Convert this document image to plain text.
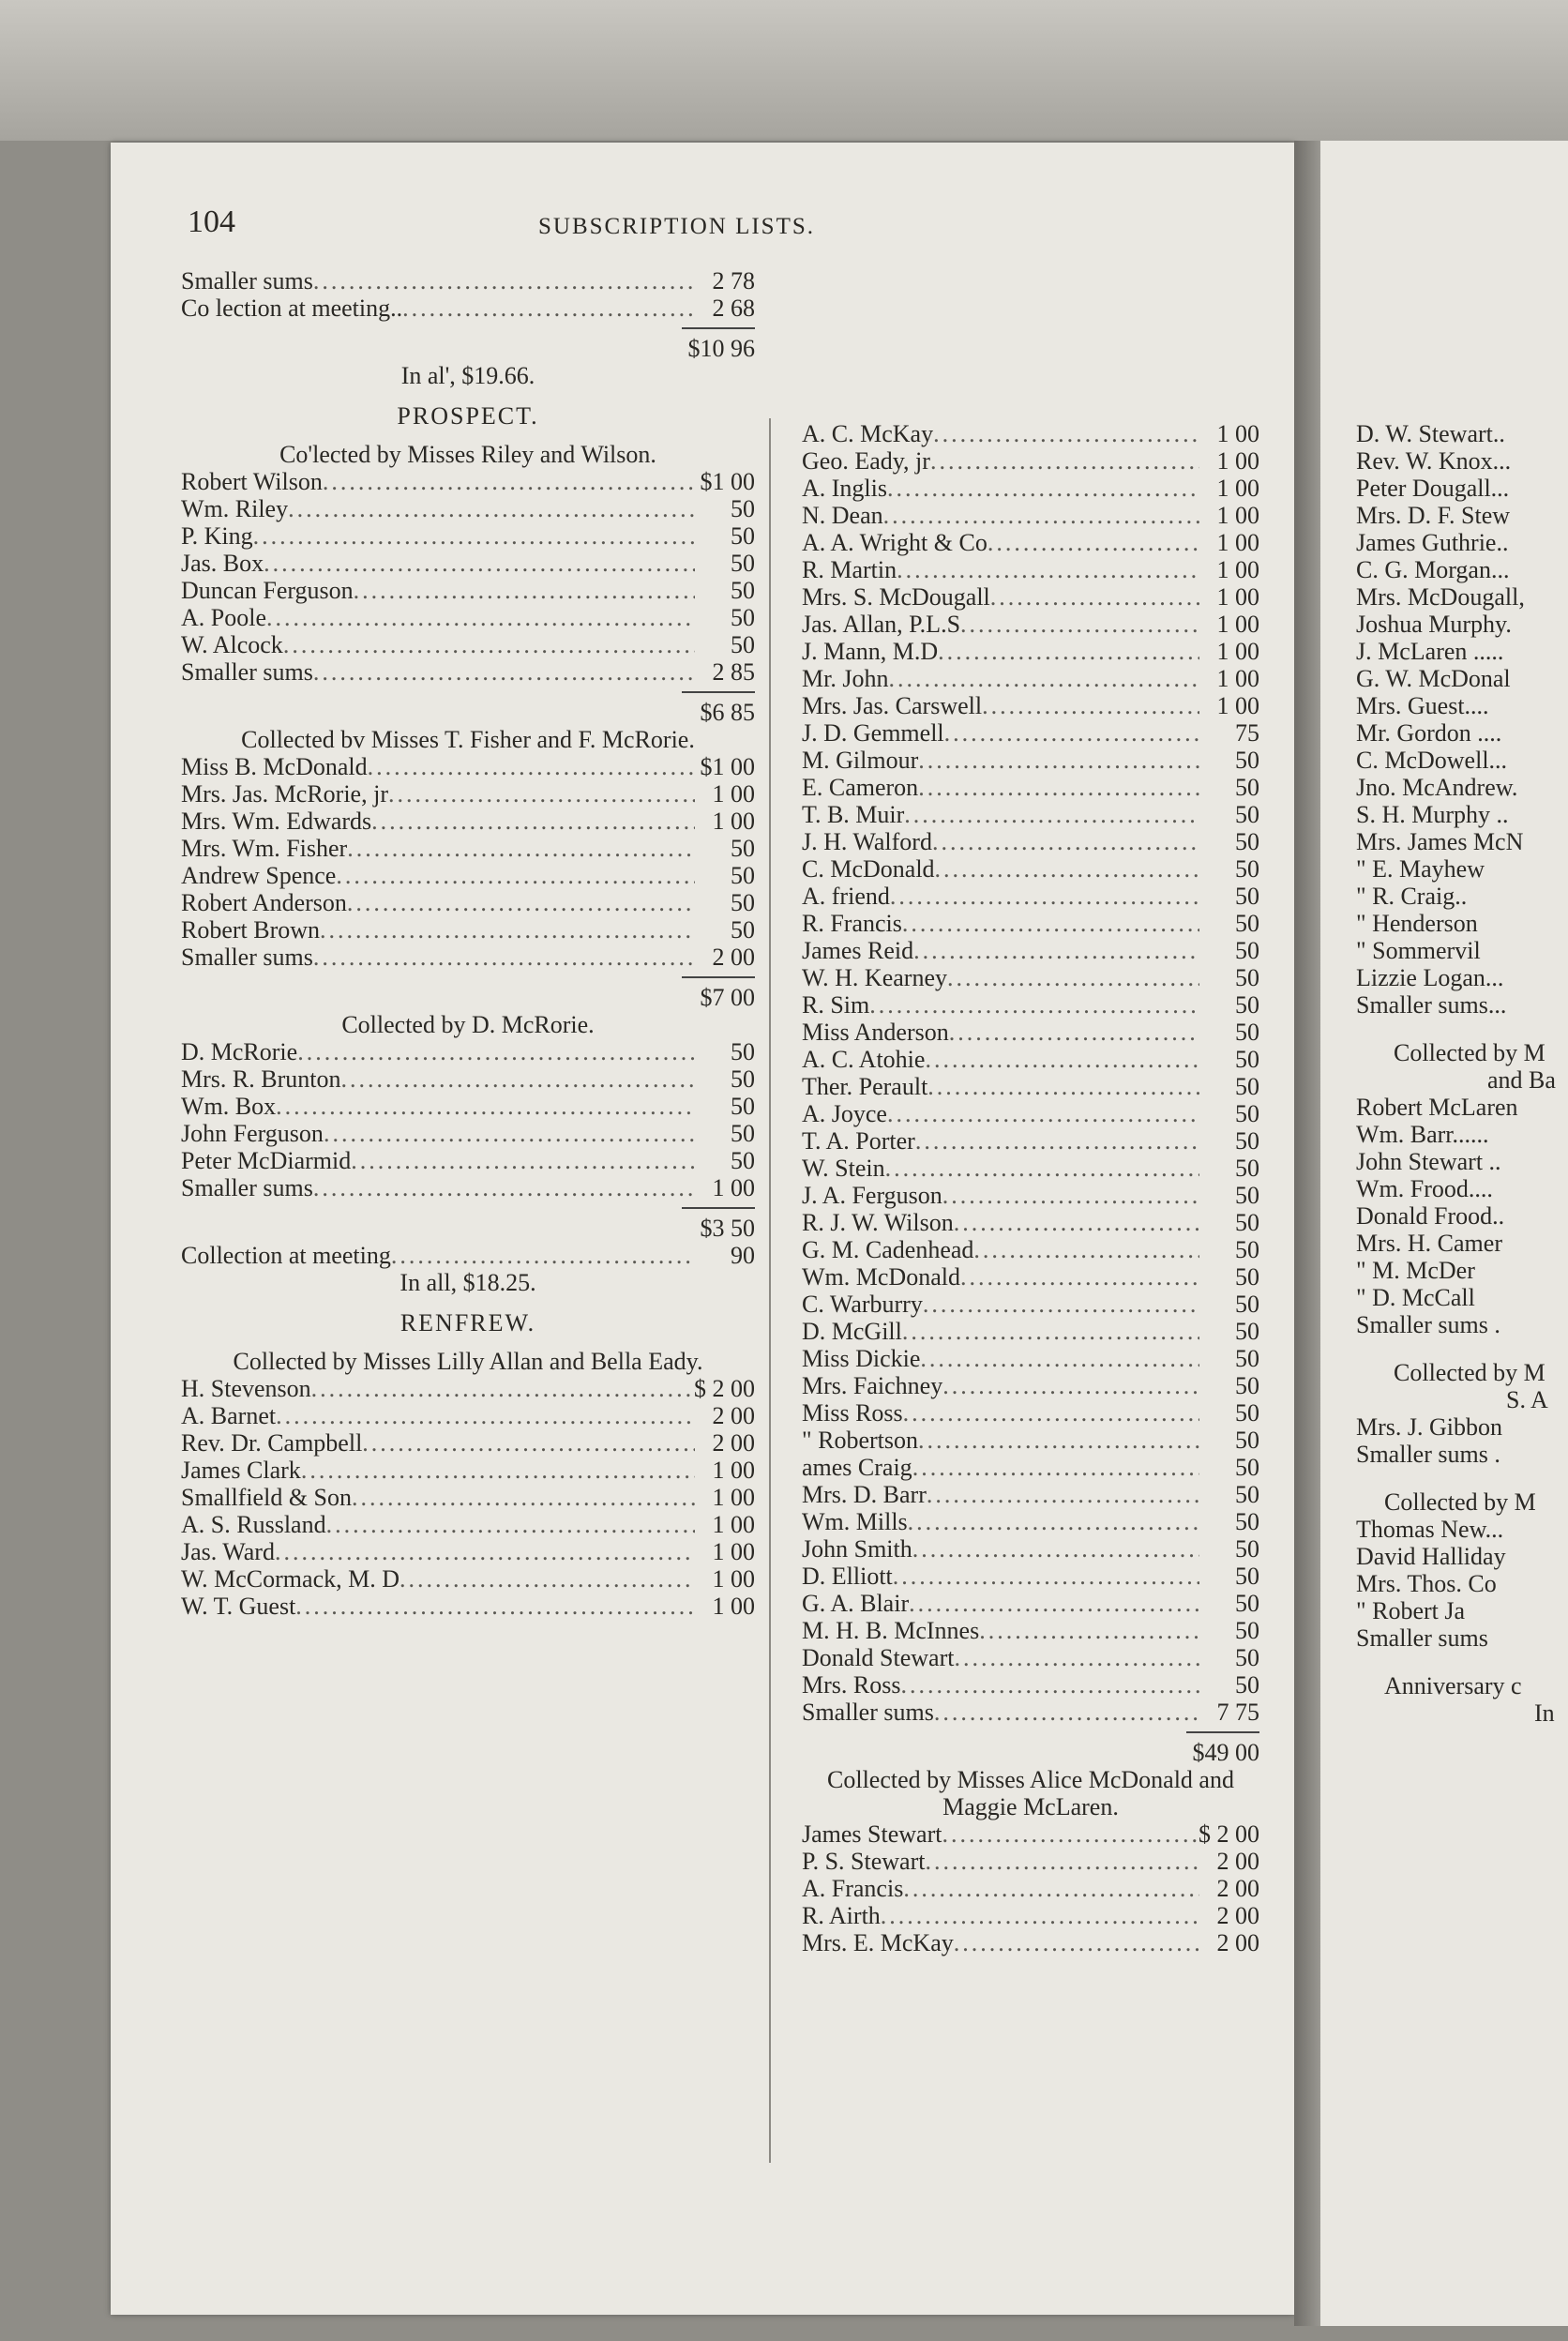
104	SUBSCRIPTION LISTS.
Smaller sums .....	2 78
Co lection at meeting.. .....	2 68
$10 96
In al', $19.66.
PROSPECT.
Co'lected by Misses Riley and Wilson.
Robert Wilson .....	$1 00
Wm. Riley .....	50
P. King .....	50
Jas. Box .....	50
Duncan Ferguson .....	50
A. Poole .....	50
W. Alcock .....	50
Smaller sums .....	2 85
$6 85
Collected bv Misses T. Fisher and F. McRorie.
Miss B. McDonald .....	$1 00
Mrs. Jas. McRorie, jr .....	1 00
Mrs. Wm. Edwards .....	1 00
Mrs. Wm. Fisher .....	50
Andrew Spence .....	50
Robert Anderson .....	50
Robert Brown .....	50
Smaller sums .....	2 00
$7 00
Collected by D. McRorie.
D. McRorie .....	50
Mrs. R. Brunton .....	50
Wm. Box .....	50
John Ferguson .....	50
Peter McDiarmid .....	50
Smaller sums .....	1 00
$3 50
Collection at meeting .....	90
In all, $18.25.
RENFREW.
Collected by Misses Lilly Allan and Bella Eady.
H. Stevenson .....	$ 2 00
A. Barnet .....	2 00
Rev. Dr. Campbell .....	2 00
James Clark .....	1 00
Smallfield & Son .....	1 00
A. S. Russland .....	1 00
Jas. Ward .....	1 00
W. McCormack, M. D .....	1 00
W. T. Guest .....	1 00
A. C. McKay .....	1 00
Geo. Eady, jr .....	1 00
A. Inglis .....	1 00
N. Dean .....	1 00
A. A. Wright & Co .....	1 00
R. Martin .....	1 00
Mrs. S. McDougall .....	1 00
Jas. Allan, P.L.S .....	1 00
J. Mann, M.D .....	1 00
Mr. John .....	1 00
Mrs. Jas. Carswell .....	1 00
J. D. Gemmell .....	75
M. Gilmour .....	50
E. Cameron .....	50
T. B. Muir .....	50
J. H. Walford .....	50
C. McDonald .....	50
A. friend .....	50
R. Francis .....	50
James Reid .....	50
W. H. Kearney .....	50
R. Sim .....	50
Miss Anderson .....	50
A. C. Atohie .....	50
Ther. Perault .....	50
A. Joyce .....	50
T. A. Porter .....	50
W. Stein .....	50
J. A. Ferguson .....	50
R. J. W. Wilson .....	50
G. M. Cadenhead .....	50
Wm. McDonald .....	50
C. Warburry .....	50
D. McGill .....	50
Miss Dickie .....	50
Mrs. Faichney .....	50
Miss Ross .....	50
" Robertson .....	50
ames Craig .....	50
Mrs. D. Barr .....	50
Wm. Mills .....	50
John Smith .....	50
D. Elliott .....	50
G. A. Blair .....	50
M. H. B. McInnes .....	50
Donald Stewart .....	50
Mrs. Ross .....	50
Smaller sums .....	7 75
$49 00
Collected by Misses Alice McDonald and Maggie McLaren.
James Stewart .....	$ 2 00
P. S. Stewart .....	2 00
A. Francis .....	2 00
R. Airth .....	2 00
Mrs. E. McKay .....	2 00
D. W. Stewart..
Rev. W. Knox...
Peter Dougall...
Mrs. D. F. Stew
James Guthrie..
C. G. Morgan...
Mrs. McDougall,
Joshua Murphy.
J. McLaren .....
G. W. McDonal
Mrs. Guest....
Mr. Gordon ....
C. McDowell...
Jno. McAndrew.
S. H. Murphy ..
Mrs. James McN
" E. Mayhew
" R. Craig..
" Henderson
" Sommervil
Lizzie Logan...
Smaller sums...
Collected by M
and Ba
Robert McLaren
Wm. Barr......
John Stewart ..
Wm. Frood....
Donald Frood..
Mrs. H. Camer
" M. McDer
" D. McCall
Smaller sums .
Collected by M
S. A
Mrs. J. Gibbon
Smaller sums .
Collected by M
Thomas New...
David Halliday
Mrs. Thos. Co
" Robert Ja
Smaller sums
Anniversary c
In
